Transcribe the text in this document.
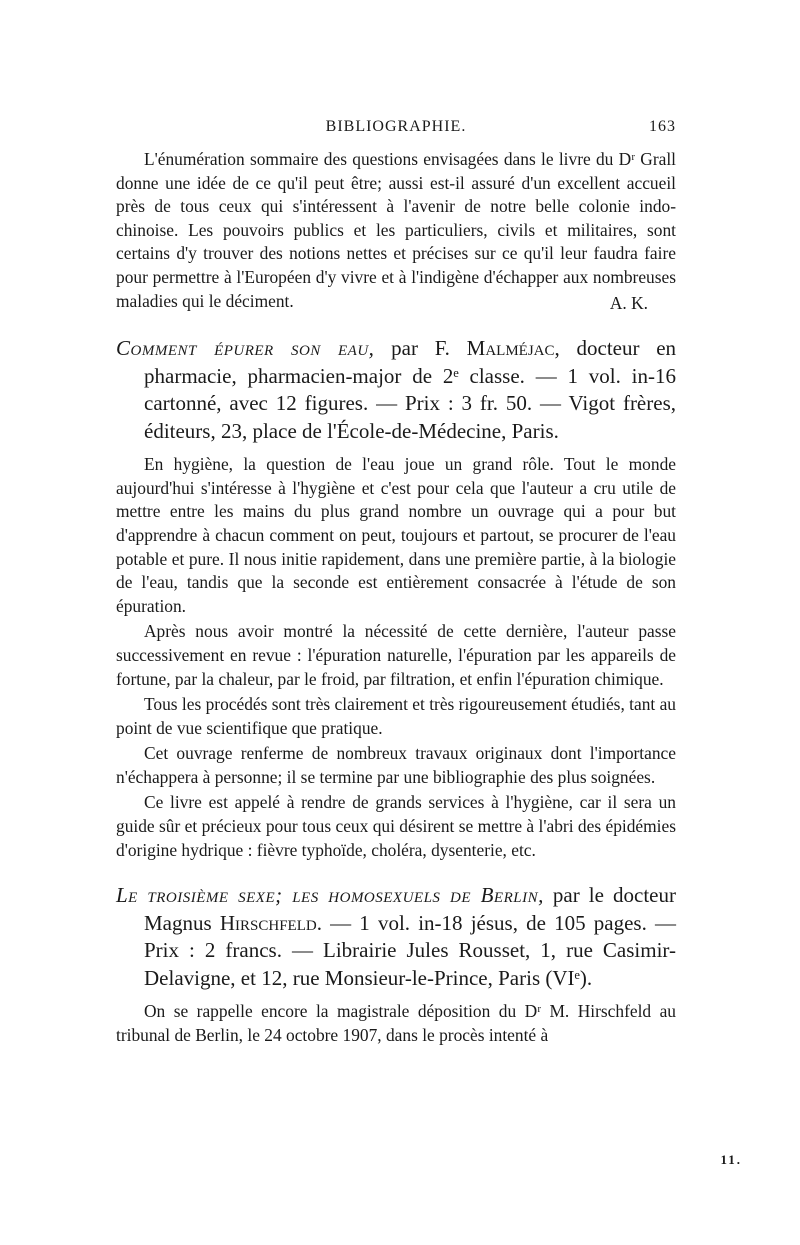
BIBLIOGRAPHIE.	163

L'énumération sommaire des questions envisagées dans le livre du Dʳ Grall donne une idée de ce qu'il peut être; aussi est-il assuré d'un excellent accueil près de tous ceux qui s'intéressent à l'avenir de notre belle colonie indo-chinoise. Les pouvoirs publics et les particuliers, civils et militaires, sont certains d'y trouver des notions nettes et précises sur ce qu'il leur faudra faire pour permettre à l'Européen d'y vivre et à l'indigène d'échapper aux nombreuses maladies qui le déciment.	A. K.

Comment épurer son eau, par F. Malméjac, docteur en pharmacie, pharmacien-major de 2ᵉ classe. — 1 vol. in-16 cartonné, avec 12 figures. — Prix : 3 fr. 50. — Vigot frères, éditeurs, 23, place de l'École-de-Médecine, Paris.

En hygiène, la question de l'eau joue un grand rôle. Tout le monde aujourd'hui s'intéresse à l'hygiène et c'est pour cela que l'auteur a cru utile de mettre entre les mains du plus grand nombre un ouvrage qui a pour but d'apprendre à chacun comment on peut, toujours et partout, se procurer de l'eau potable et pure. Il nous initie rapidement, dans une première partie, à la biologie de l'eau, tandis que la seconde est entièrement consacrée à l'étude de son épuration.

Après nous avoir montré la nécessité de cette dernière, l'auteur passe successivement en revue : l'épuration naturelle, l'épuration par les appareils de fortune, par la chaleur, par le froid, par filtration, et enfin l'épuration chimique.

Tous les procédés sont très clairement et très rigoureusement étudiés, tant au point de vue scientifique que pratique.

Cet ouvrage renferme de nombreux travaux originaux dont l'importance n'échappera à personne; il se termine par une bibliographie des plus soignées.

Ce livre est appelé à rendre de grands services à l'hygiène, car il sera un guide sûr et précieux pour tous ceux qui désirent se mettre à l'abri des épidémies d'origine hydrique : fièvre typhoïde, choléra, dysenterie, etc.

Le troisième sexe; les homosexuels de Berlin, par le docteur Magnus Hirschfeld. — 1 vol. in-18 jésus, de 105 pages. — Prix : 2 francs. — Librairie Jules Rousset, 1, rue Casimir-Delavigne, et 12, rue Monsieur-le-Prince, Paris (VIᵉ).

On se rappelle encore la magistrale déposition du Dʳ M. Hirschfeld au tribunal de Berlin, le 24 octobre 1907, dans le procès intenté à

11.
